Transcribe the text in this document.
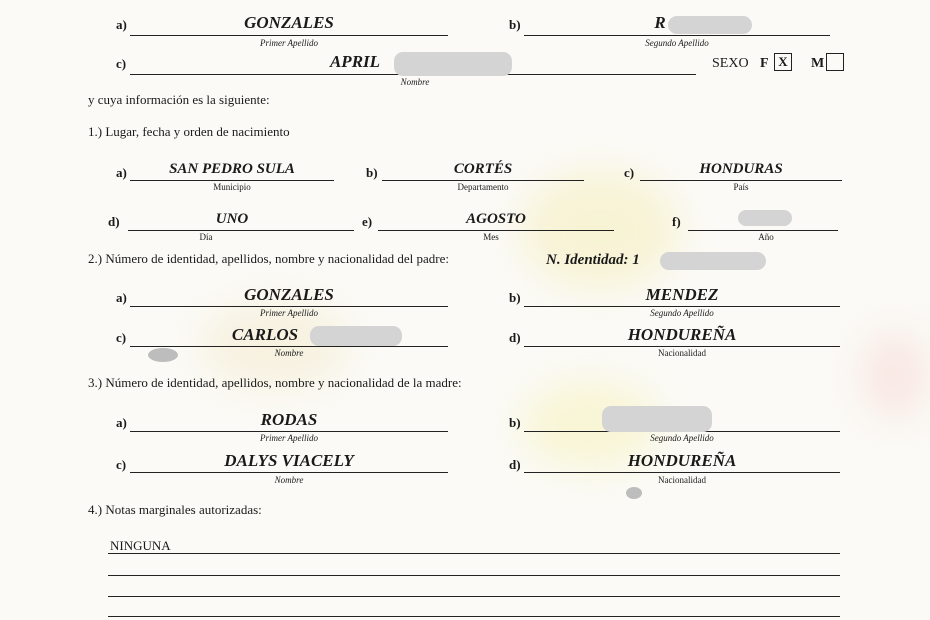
a)	GONZALES
Primer Apellido
b)	R
Segundo Apellido
c)	APRIL
Nombre
SEXO F X	M
y cuya información es la siguiente:
1.) Lugar, fecha y orden de nacimiento
a)	SAN PEDRO SULA
Municipio
b)	CORTÉS
Departamento
c)	HONDURAS
País
d)	UNO
Día
e)	AGOSTO
Mes
f)
Año
2.) Número de identidad, apellidos, nombre y nacionalidad del padre:	N. Identidad: 1
a)	GONZALES
Primer Apellido
b)	MENDEZ
Segundo Apellido
c)	CARLOS
Nombre
d)	HONDUREÑA
Nacionalidad
3.) Número de identidad, apellidos, nombre y nacionalidad de la madre:
a)	RODAS
Primer Apellido
b)
Segundo Apellido
c)	DALYS VIACELY
Nombre
d)	HONDUREÑA
Nacionalidad
4.) Notas marginales autorizadas:
NINGUNA
